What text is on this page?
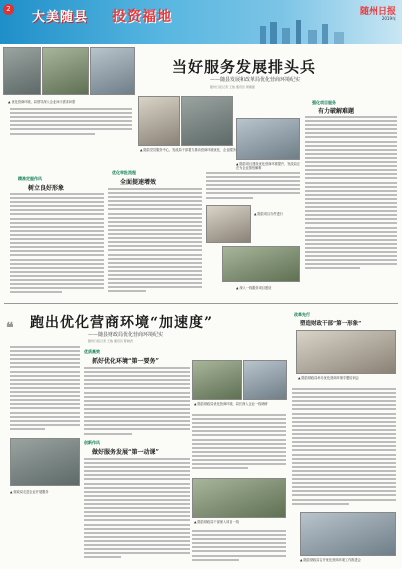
2
大美随县 投资福地	随州日报
2019年
▲ 优化营商环境，局领导深入企业问计需求问需
当好服务发展排头兵
——随县发展和改革局优化营商环境纪实
随州日报记者 王俊 通讯员 周刚强
▲ 随县党员服务中心，发改局干部着力推动营商环境优化、企业服务
强化项目服务
有力破解难题
▲ 随县项目建设优化营商环境提升，发改局正在为企业排忧解难
精准定服作风
树立良好形象
优化审批流程
全面提速增效
▲ 随县项目办件进行
▲ 深入一线服务项目建设
❝ 跑出优化营商环境“加速度”
——随县财政局优化营商环境纪实
随州日报记者 王俊 通讯员 陈晓君
优质高效
抓好优化环境“第一要务”
▲ 随县财政局优化营商环境，局长深入企业一线调研
改革先行
塑造财政干部“第一形象”
▲ 随县财政局举办优化营商环境专题培训会
创新作风
做好服务发展“第一动课”
▲ 财政局走进企业开展服务
▲ 随县财政局干部深入项目一线
▲ 随县财政局召开优化营商环境工作推进会
